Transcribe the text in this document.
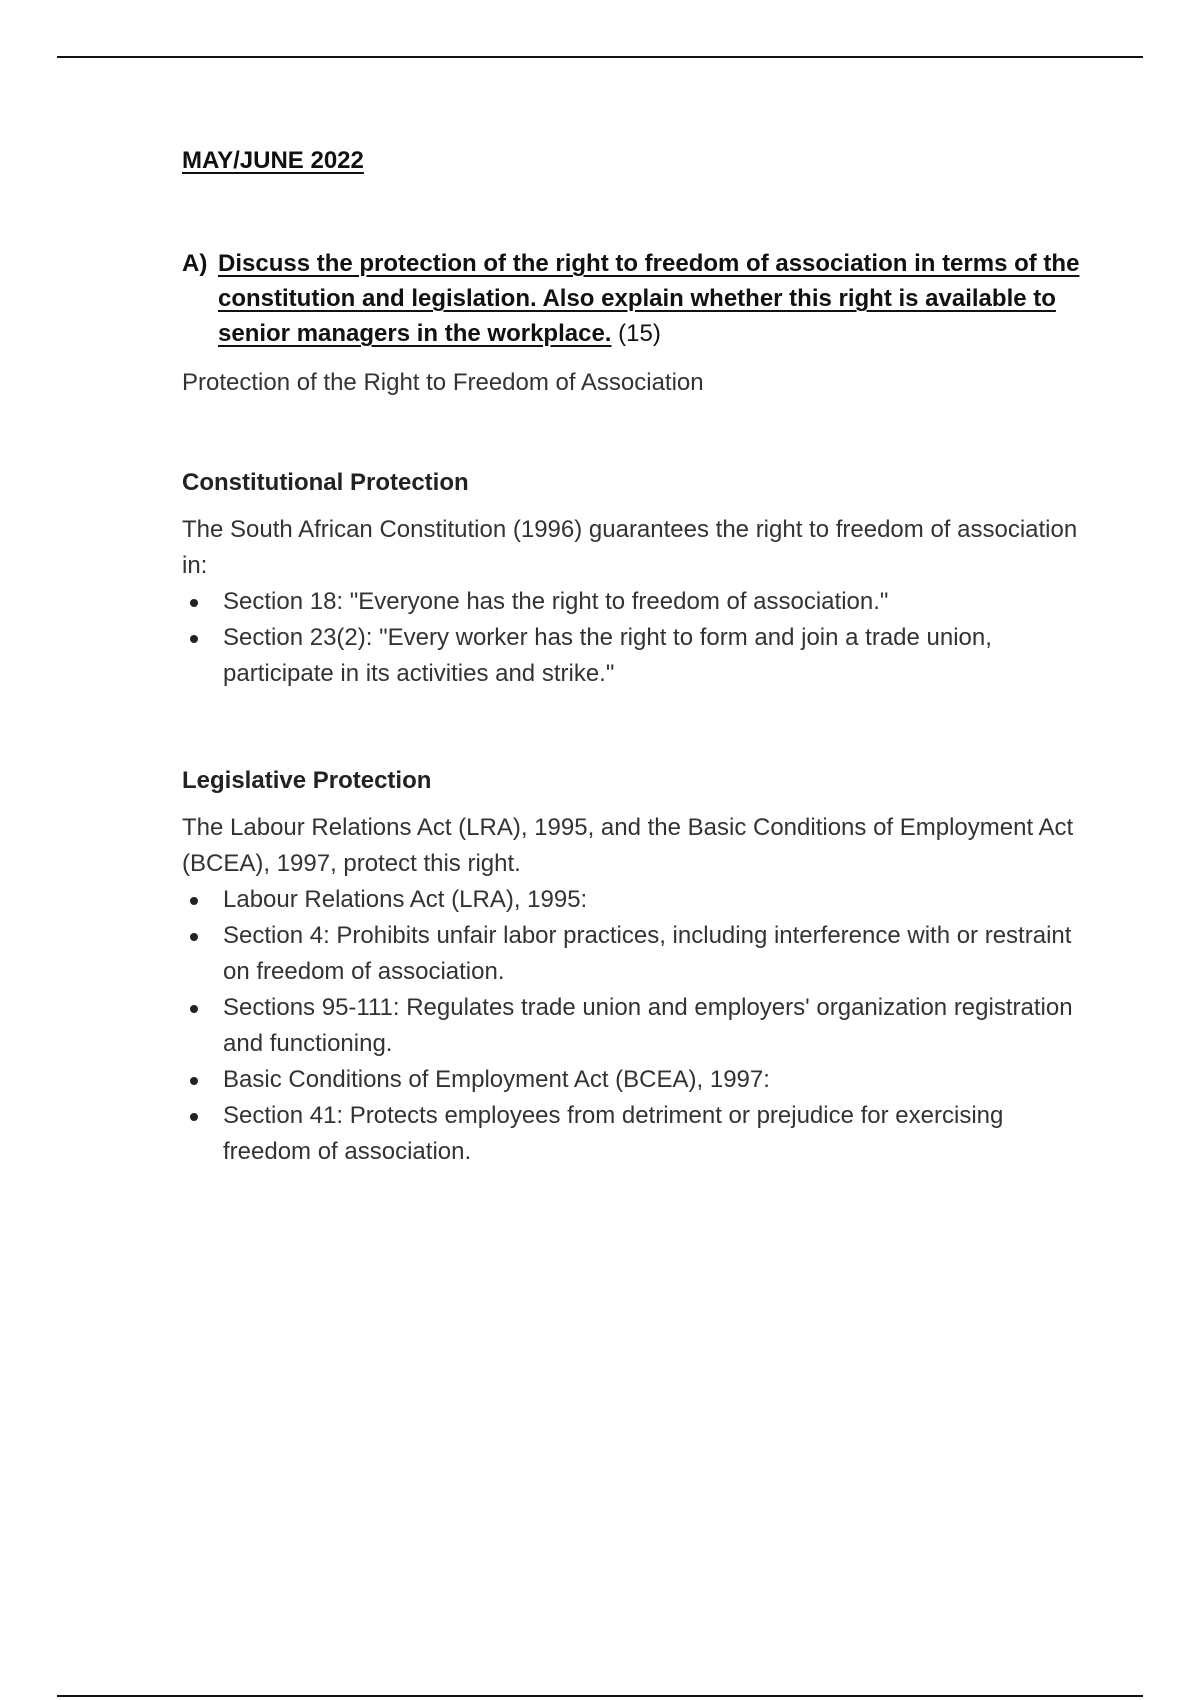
MAY/JUNE 2022
A) Discuss the protection of the right to freedom of association in terms of the constitution and legislation. Also explain whether this right is available to senior managers in the workplace. (15)

Protection of the Right to Freedom of Association

Constitutional Protection

The South African Constitution (1996) guarantees the right to freedom of association in:

Section 18: "Everyone has the right to freedom of association."
Section 23(2): "Every worker has the right to form and join a trade union, participate in its activities and strike."
Legislative Protection

The Labour Relations Act (LRA), 1995, and the Basic Conditions of Employment Act (BCEA), 1997, protect this right.

Labour Relations Act (LRA), 1995:
Section 4: Prohibits unfair labor practices, including interference with or restraint on freedom of association.
Sections 95-111: Regulates trade union and employers' organization registration and functioning.
Basic Conditions of Employment Act (BCEA), 1997:
Section 41: Protects employees from detriment or prejudice for exercising freedom of association.
